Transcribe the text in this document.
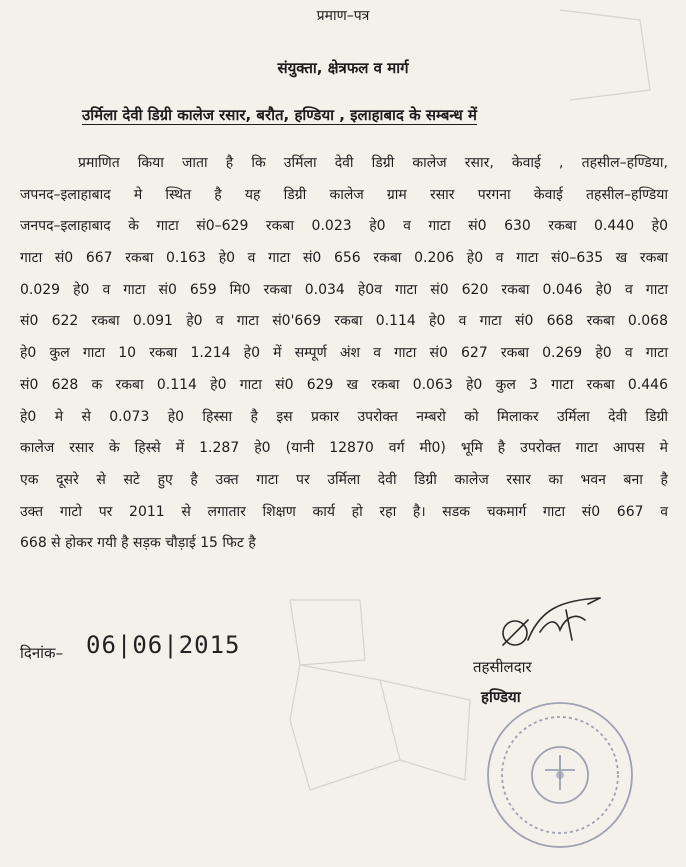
प्रमाण–पत्र
संयुक्ता, क्षेत्रफल व मार्ग
उर्मिला देवी डिग्री कालेज रसार, बरौत, हण्डिया , इलाहाबाद के सम्बन्ध में
प्रमाणित किया जाता है कि उर्मिला देवी डिग्री कालेज रसार, केवाई , तहसील–हण्डिया,
जपनद–इलाहाबाद मे स्थित है यह डिग्री कालेज ग्राम रसार परगना केवाई तहसील–हण्डिया
जनपद–इलाहाबाद के गाटा सं0–629 रकबा 0.023 हे0 व गाटा सं0 630 रकबा 0.440 हे0
गाटा सं0 667 रकबा 0.163 हे0 व गाटा सं0 656 रकबा 0.206 हे0 व गाटा सं0–635 ख रकबा
0.029 हे0 व गाटा सं0 659 मि0 रकबा 0.034 हे0व गाटा सं0 620 रकबा 0.046 हे0 व गाटा
सं0 622 रकबा 0.091 हे0 व गाटा सं0'669 रकबा 0.114 हे0 व गाटा सं0 668 रकबा 0.068
हे0 कुल गाटा 10 रकबा 1.214 हे0 में सम्पूर्ण अंश व गाटा सं0 627 रकबा 0.269 हे0 व गाटा
सं0 628 क रकबा 0.114 हे0 गाटा सं0 629 ख रकबा 0.063 हे0 कुल 3 गाटा रकबा 0.446
हे0 मे से 0.073 हे0 हिस्सा है इस प्रकार उपरोक्त नम्बरो को मिलाकर उर्मिला देवी डिग्री
कालेज रसार के हिस्से में 1.287 हे0 (यानी 12870 वर्ग मी0) भूमि है उपरोक्त गाटा आपस मे
एक दूसरे से सटे हुए है उक्त गाटा पर उर्मिला देवी डिग्री कालेज रसार का भवन बना है
उक्त गाटो पर 2011 से लगातार शिक्षण कार्य हो रहा है। सडक चकमार्ग गाटा सं0 667 व
668 से होकर गयी है सड़क चौड़ाई 15 फिट है
दिनांक– 06|06|2015
तहसीलदार
हण्डिया
